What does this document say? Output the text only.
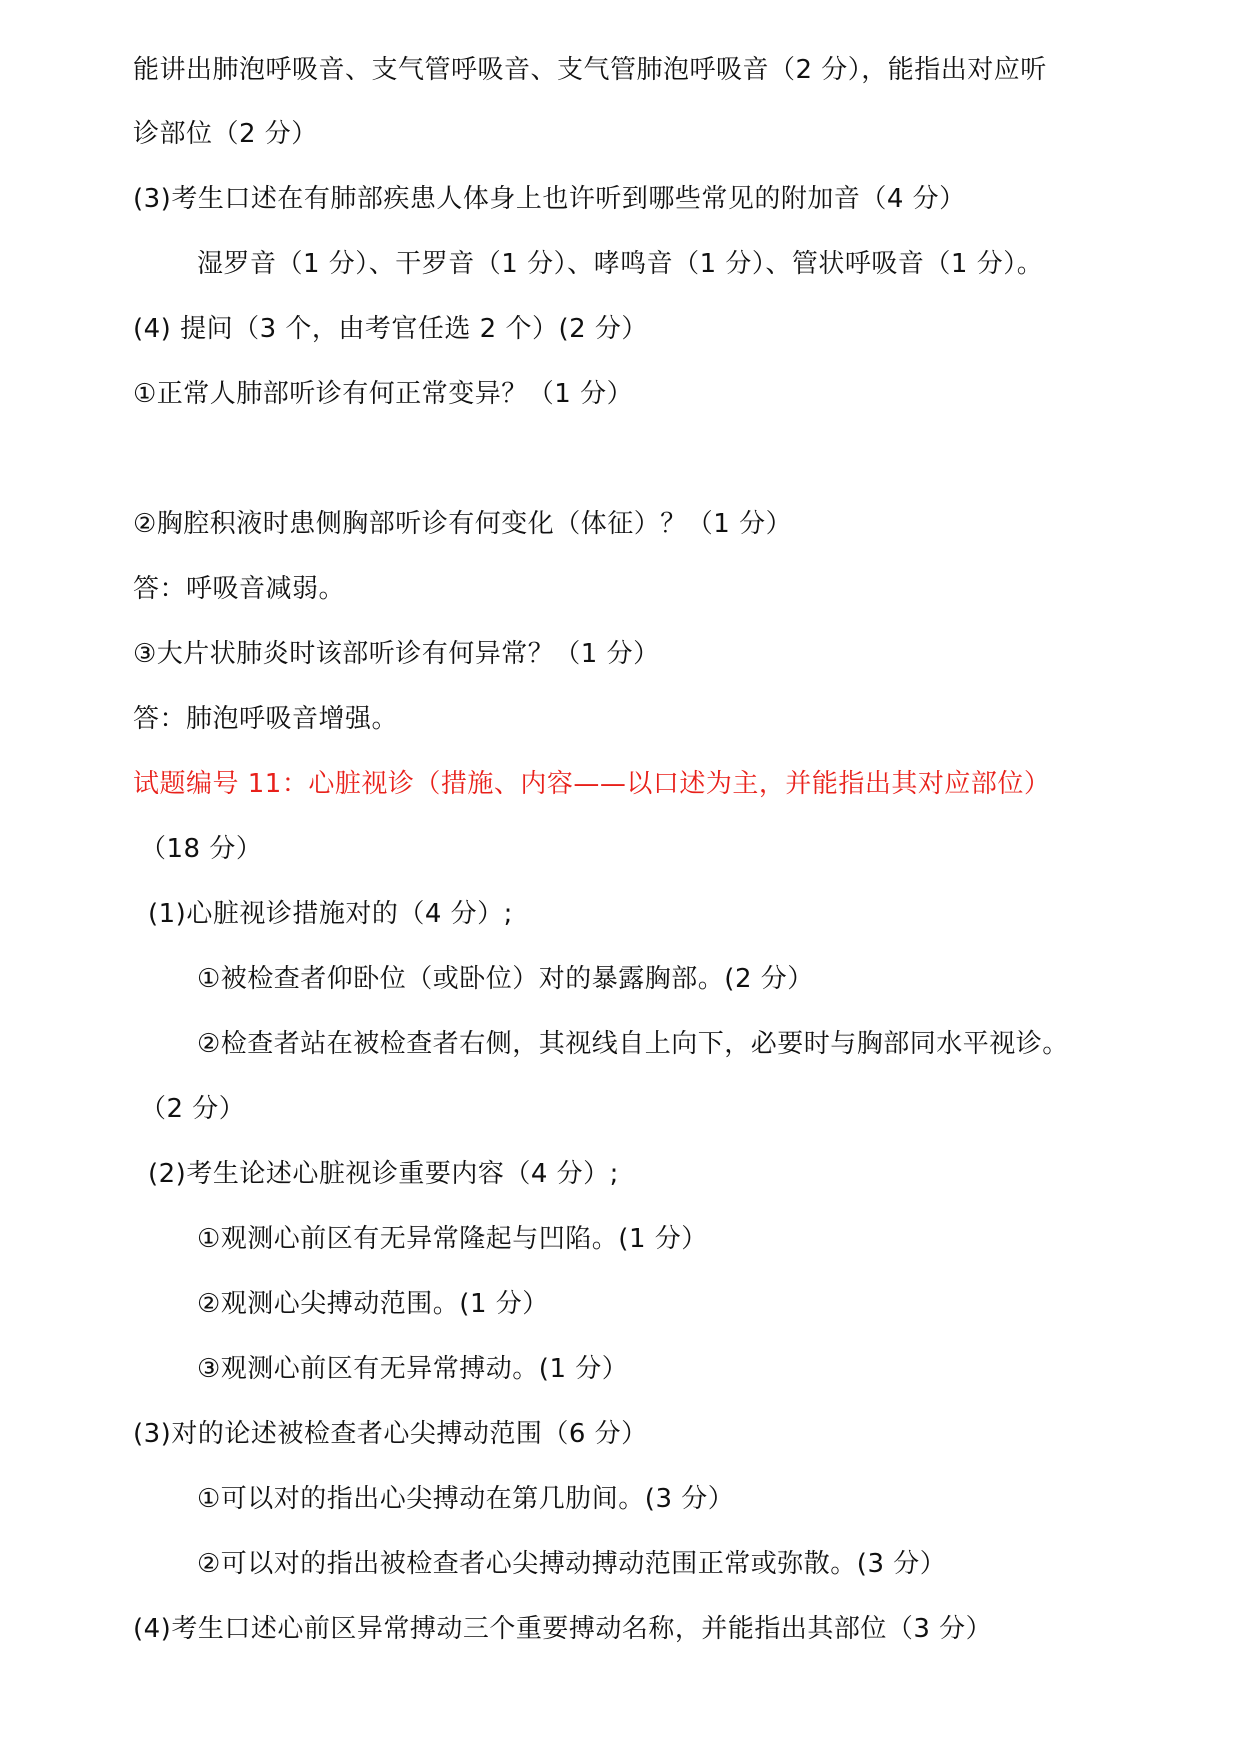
能讲出肺泡呼吸音、支气管呼吸音、支气管肺泡呼吸音（2 分），能指出对应听
诊部位（2 分）
(3)考生口述在有肺部疾患人体身上也许听到哪些常见的附加音（4 分）
湿罗音（1 分）、干罗音（1 分）、哮鸣音（1 分）、管状呼吸音（1 分）。
(4) 提问（3 个，由考官任选 2 个）(2 分）
①正常人肺部听诊有何正常变异？（1 分）
②胸腔积液时患侧胸部听诊有何变化（体征）？（1 分）
答：呼吸音减弱。
③大片状肺炎时该部听诊有何异常？（1 分）
答：肺泡呼吸音增强。
试题编号 11：心脏视诊（措施、内容——以口述为主，并能指出其对应部位）
（18 分）
(1)心脏视诊措施对的（4 分）;
①被检查者仰卧位（或卧位）对的暴露胸部。(2 分）
②检查者站在被检查者右侧，其视线自上向下，必要时与胸部同水平视诊。
（2 分）
(2)考生论述心脏视诊重要内容（4 分）;
①观测心前区有无异常隆起与凹陷。(1 分）
②观测心尖搏动范围。(1 分）
③观测心前区有无异常搏动。(1 分）
(3)对的论述被检查者心尖搏动范围（6 分）
①可以对的指出心尖搏动在第几肋间。(3 分）
②可以对的指出被检查者心尖搏动搏动范围正常或弥散。(3 分）
(4)考生口述心前区异常搏动三个重要搏动名称，并能指出其部位（3 分）
